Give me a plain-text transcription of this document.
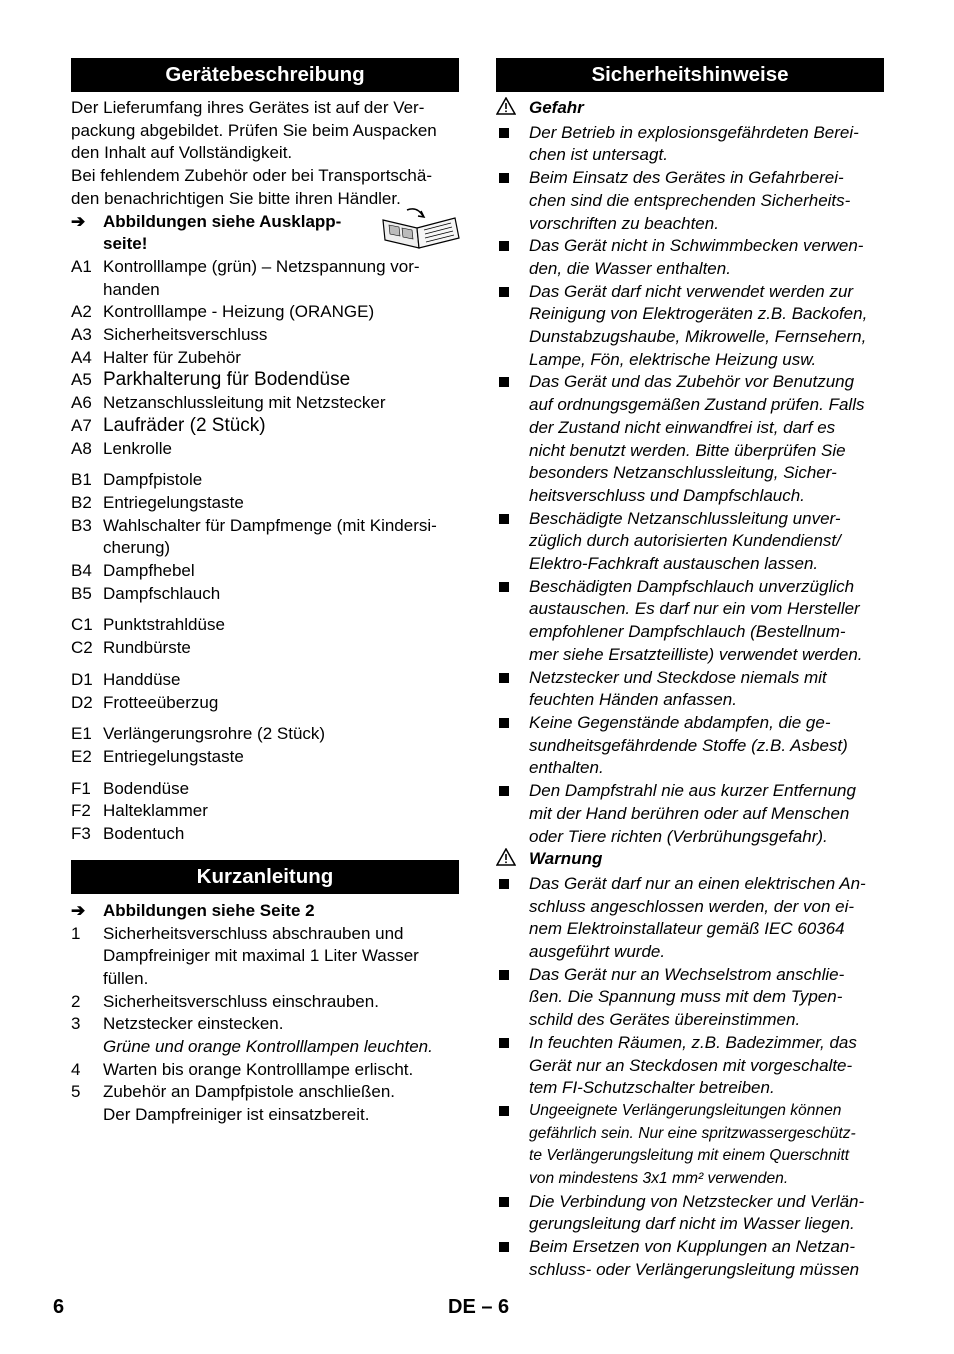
Gerätebeschreibung
Der Lieferumfang ihres Gerätes ist auf der Ver-
packung abgebildet. Prüfen Sie beim Auspacken
den Inhalt auf Vollständigkeit.
Bei fehlendem Zubehör oder bei Transportschä-
den benachrichtigen Sie bitte ihren Händler.
➔	Abbildungen siehe Ausklapp-
seite!
A1 Kontrolllampe (grün) – Netzspannung vor-
handen
A2 Kontrolllampe - Heizung (ORANGE)
A3 Sicherheitsverschluss
A4 Halter für Zubehör
A5 Parkhalterung für Bodendüse
A6 Netzanschlussleitung mit Netzstecker
A7 Laufräder (2 Stück)
A8 Lenkrolle
B1 Dampfpistole
B2 Entriegelungstaste
B3 Wahlschalter für Dampfmenge (mit Kindersi-
cherung)
B4 Dampfhebel
B5 Dampfschlauch
C1 Punktstrahldüse
C2 Rundbürste
D1 Handdüse
D2 Frotteeüberzug
E1 Verlängerungsrohre (2 Stück)
E2 Entriegelungstaste
F1 Bodendüse
F2 Halteklammer
F3 Bodentuch
Kurzanleitung
➔	Abbildungen siehe Seite 2
1	Sicherheitsverschluss abschrauben und
Dampfreiniger mit maximal 1 Liter Wasser
füllen.
2	Sicherheitsverschluss einschrauben.
3	Netzstecker einstecken.
Grüne und orange Kontrolllampen leuchten.
4	Warten bis orange Kontrolllampe erlischt.
5	Zubehör an Dampfpistole anschließen.
Der Dampfreiniger ist einsatzbereit.
Sicherheitshinweise
Gefahr
Der Betrieb in explosionsgefährdeten Berei-
chen ist untersagt.
Beim Einsatz des Gerätes in Gefahrberei-
chen sind die entsprechenden Sicherheits-
vorschriften zu beachten.
Das Gerät nicht in Schwimmbecken verwen-
den, die Wasser enthalten.
Das Gerät darf nicht verwendet werden zur
Reinigung von Elektrogeräten z.B. Backofen,
Dunstabzugshaube, Mikrowelle, Fernsehern,
Lampe, Fön, elektrische Heizung usw.
Das Gerät und das Zubehör vor Benutzung
auf ordnungsgemäßen Zustand prüfen. Falls
der Zustand nicht einwandfrei ist, darf es
nicht benutzt werden. Bitte überprüfen Sie
besonders Netzanschlussleitung, Sicher-
heitsverschluss und Dampfschlauch.
Beschädigte Netzanschlussleitung unver-
züglich durch autorisierten Kundendienst/
Elektro-Fachkraft austauschen lassen.
Beschädigten Dampfschlauch unverzüglich
austauschen. Es darf nur ein vom Hersteller
empfohlener Dampfschlauch (Bestellnum-
mer siehe Ersatzteilliste) verwendet werden.
Netzstecker und Steckdose niemals mit
feuchten Händen anfassen.
Keine Gegenstände abdampfen, die ge-
sundheitsgefährdende Stoffe (z.B. Asbest)
enthalten.
Den Dampfstrahl nie aus kurzer Entfernung
mit der Hand berühren oder auf Menschen
oder Tiere richten (Verbrühungsgefahr).
Warnung
Das Gerät darf nur an einen elektrischen An-
schluss angeschlossen werden, der von ei-
nem Elektroinstallateur gemäß IEC 60364
ausgeführt wurde.
Das Gerät nur an Wechselstrom anschlie-
ßen. Die Spannung muss mit dem Typen-
schild des Gerätes übereinstimmen.
In feuchten Räumen, z.B. Badezimmer, das
Gerät nur an Steckdosen mit vorgeschalte-
tem FI-Schutzschalter betreiben.
Ungeeignete Verlängerungsleitungen können
gefährlich sein. Nur eine spritzwassergeschütz-
te Verlängerungsleitung mit einem Querschnitt
von mindestens 3x1 mm² verwenden.
Die Verbindung von Netzstecker und Verlän-
gerungsleitung darf nicht im Wasser liegen.
Beim Ersetzen von Kupplungen an Netzan-
schluss- oder Verlängerungsleitung müssen
6	DE – 6
